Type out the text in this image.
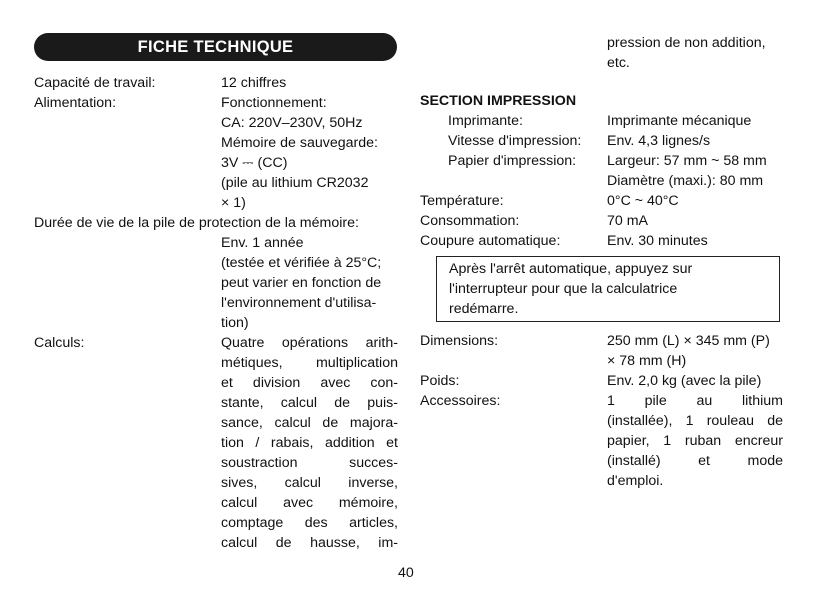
FICHE TECHNIQUE
Capacité de travail:	12 chiffres
Alimentation:	Fonctionnement:
CA: 220V–230V, 50Hz
Mémoire de sauvegarde:
3V ⎓ (CC)
(pile au lithium CR2032
× 1)
Durée de vie de la pile de protection de la mémoire:
Env. 1 année
(testée et vérifiée à 25°C;
peut varier en fonction de
l'environnement d'utilisa-
tion)
Calculs:	Quatre opérations arith-
métiques, multiplication
et division avec con-
stante, calcul de puis-
sance, calcul de majora-
tion / rabais, addition et
soustraction succes-
sives, calcul inverse,
calcul avec mémoire,
comptage des articles,
calcul de hausse, im-
pression de non addition,
etc.
SECTION IMPRESSION
Imprimante:	Imprimante mécanique
Vitesse d'impression: Env. 4,3 lignes/s
Papier d'impression: Largeur: 57 mm ~ 58 mm
Diamètre (maxi.): 80 mm
Température:	0°C ~ 40°C
Consommation:	70 mA
Coupure automatique:	Env. 30 minutes
Après l'arrêt automatique, appuyez sur
l'interrupteur pour que la calculatrice
redémarre.
Dimensions:	250 mm (L) × 345 mm (P)
× 78 mm (H)
Poids:	Env. 2,0 kg (avec la pile)
Accessoires:	1 pile au lithium
(installée), 1 rouleau de
papier, 1 ruban encreur
(installé) et mode
d'emploi.
40
